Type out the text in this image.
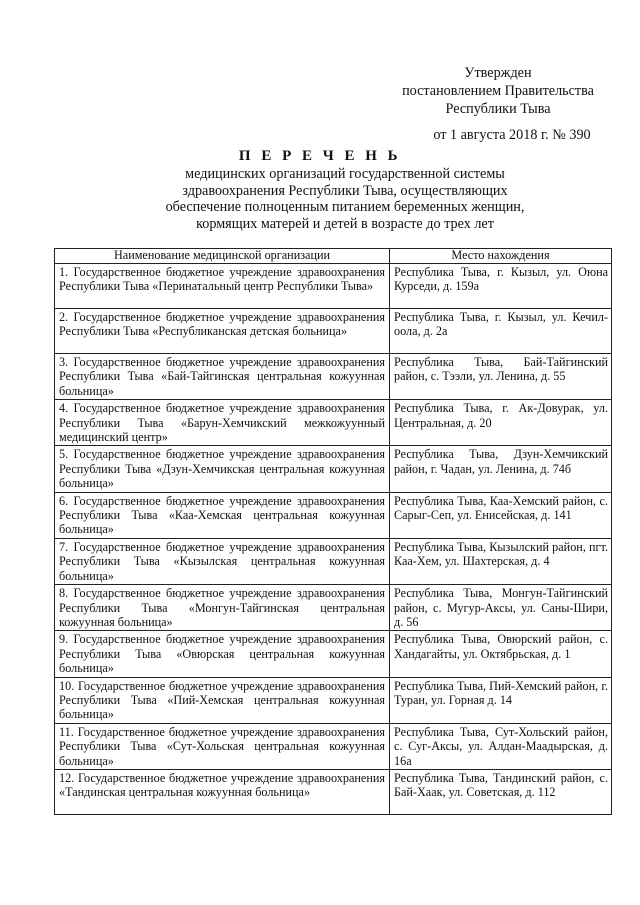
Утвержден
постановлением Правительства
Республики Тыва
от 1 августа 2018 г. № 390
П Е Р Е Ч Е Н Ь
медицинских организаций государственной системы
здравоохранения Республики Тыва, осуществляющих
обеспечение полноценным питанием беременных женщин,
кормящих матерей и детей в возрасте до трех лет
Наименование медицинской организации	Место нахождения
1. Государственное бюджетное учреждение здравоохранения Республики Тыва «Перинатальный центр Республики Тыва»	Республика Тыва, г. Кызыл, ул. Оюна Курседи, д. 159а
2. Государственное бюджетное учреждение здравоохранения Республики Тыва «Республиканская детская больница»	Республика Тыва, г. Кызыл, ул. Кечил-оола, д. 2а
3. Государственное бюджетное учреждение здравоохранения Республики Тыва «Бай-Тайгинская центральная кожуунная больница»	Республика Тыва, Бай-Тайгинский район, с. Тээли, ул. Ленина, д. 55
4. Государственное бюджетное учреждение здравоохранения Республики Тыва «Барун-Хемчикский межкожуунный медицинский центр»	Республика Тыва, г. Ак-Довурак, ул. Центральная, д. 20
5. Государственное бюджетное учреждение здравоохранения Республики Тыва «Дзун-Хемчикская центральная кожуунная больница»	Республика Тыва, Дзун-Хемчикский район, г. Чадан, ул. Ленина, д. 74б
6. Государственное бюджетное учреждение здравоохранения Республики Тыва «Каа-Хемская центральная кожуунная больница»	Республика Тыва, Каа-Хемский район, с. Сарыг-Сеп, ул. Енисейская, д. 141
7. Государственное бюджетное учреждение здравоохранения Республики Тыва «Кызылская центральная кожуунная больница»	Республика Тыва, Кызылский район, пгт. Каа-Хем, ул. Шахтерская, д. 4
8. Государственное бюджетное учреждение здравоохранения Республики Тыва «Монгун-Тайгинская центральная кожуунная больница»	Республика Тыва, Монгун-Тайгинский район, с. Мугур-Аксы, ул. Саны-Шири, д. 56
9. Государственное бюджетное учреждение здравоохранения Республики Тыва «Овюрская центральная кожуунная больница»	Республика Тыва, Овюрский район, с. Хандагайты, ул. Октябрьская, д. 1
10. Государственное бюджетное учреждение здравоохранения Республики Тыва «Пий-Хемская центральная кожуунная больница»	Республика Тыва, Пий-Хемский район, г. Туран, ул. Горная д. 14
11. Государственное бюджетное учреждение здравоохранения Республики Тыва «Сут-Хольская центральная кожуунная больница»	Республика Тыва, Сут-Хольский район, с. Суг-Аксы, ул. Алдан-Маадырская, д. 16а
12. Государственное бюджетное учреждение здравоохранения «Тандинская центральная кожуунная больница»	Республика Тыва, Тандинский район, с. Бай-Хаак, ул. Советская, д. 112
